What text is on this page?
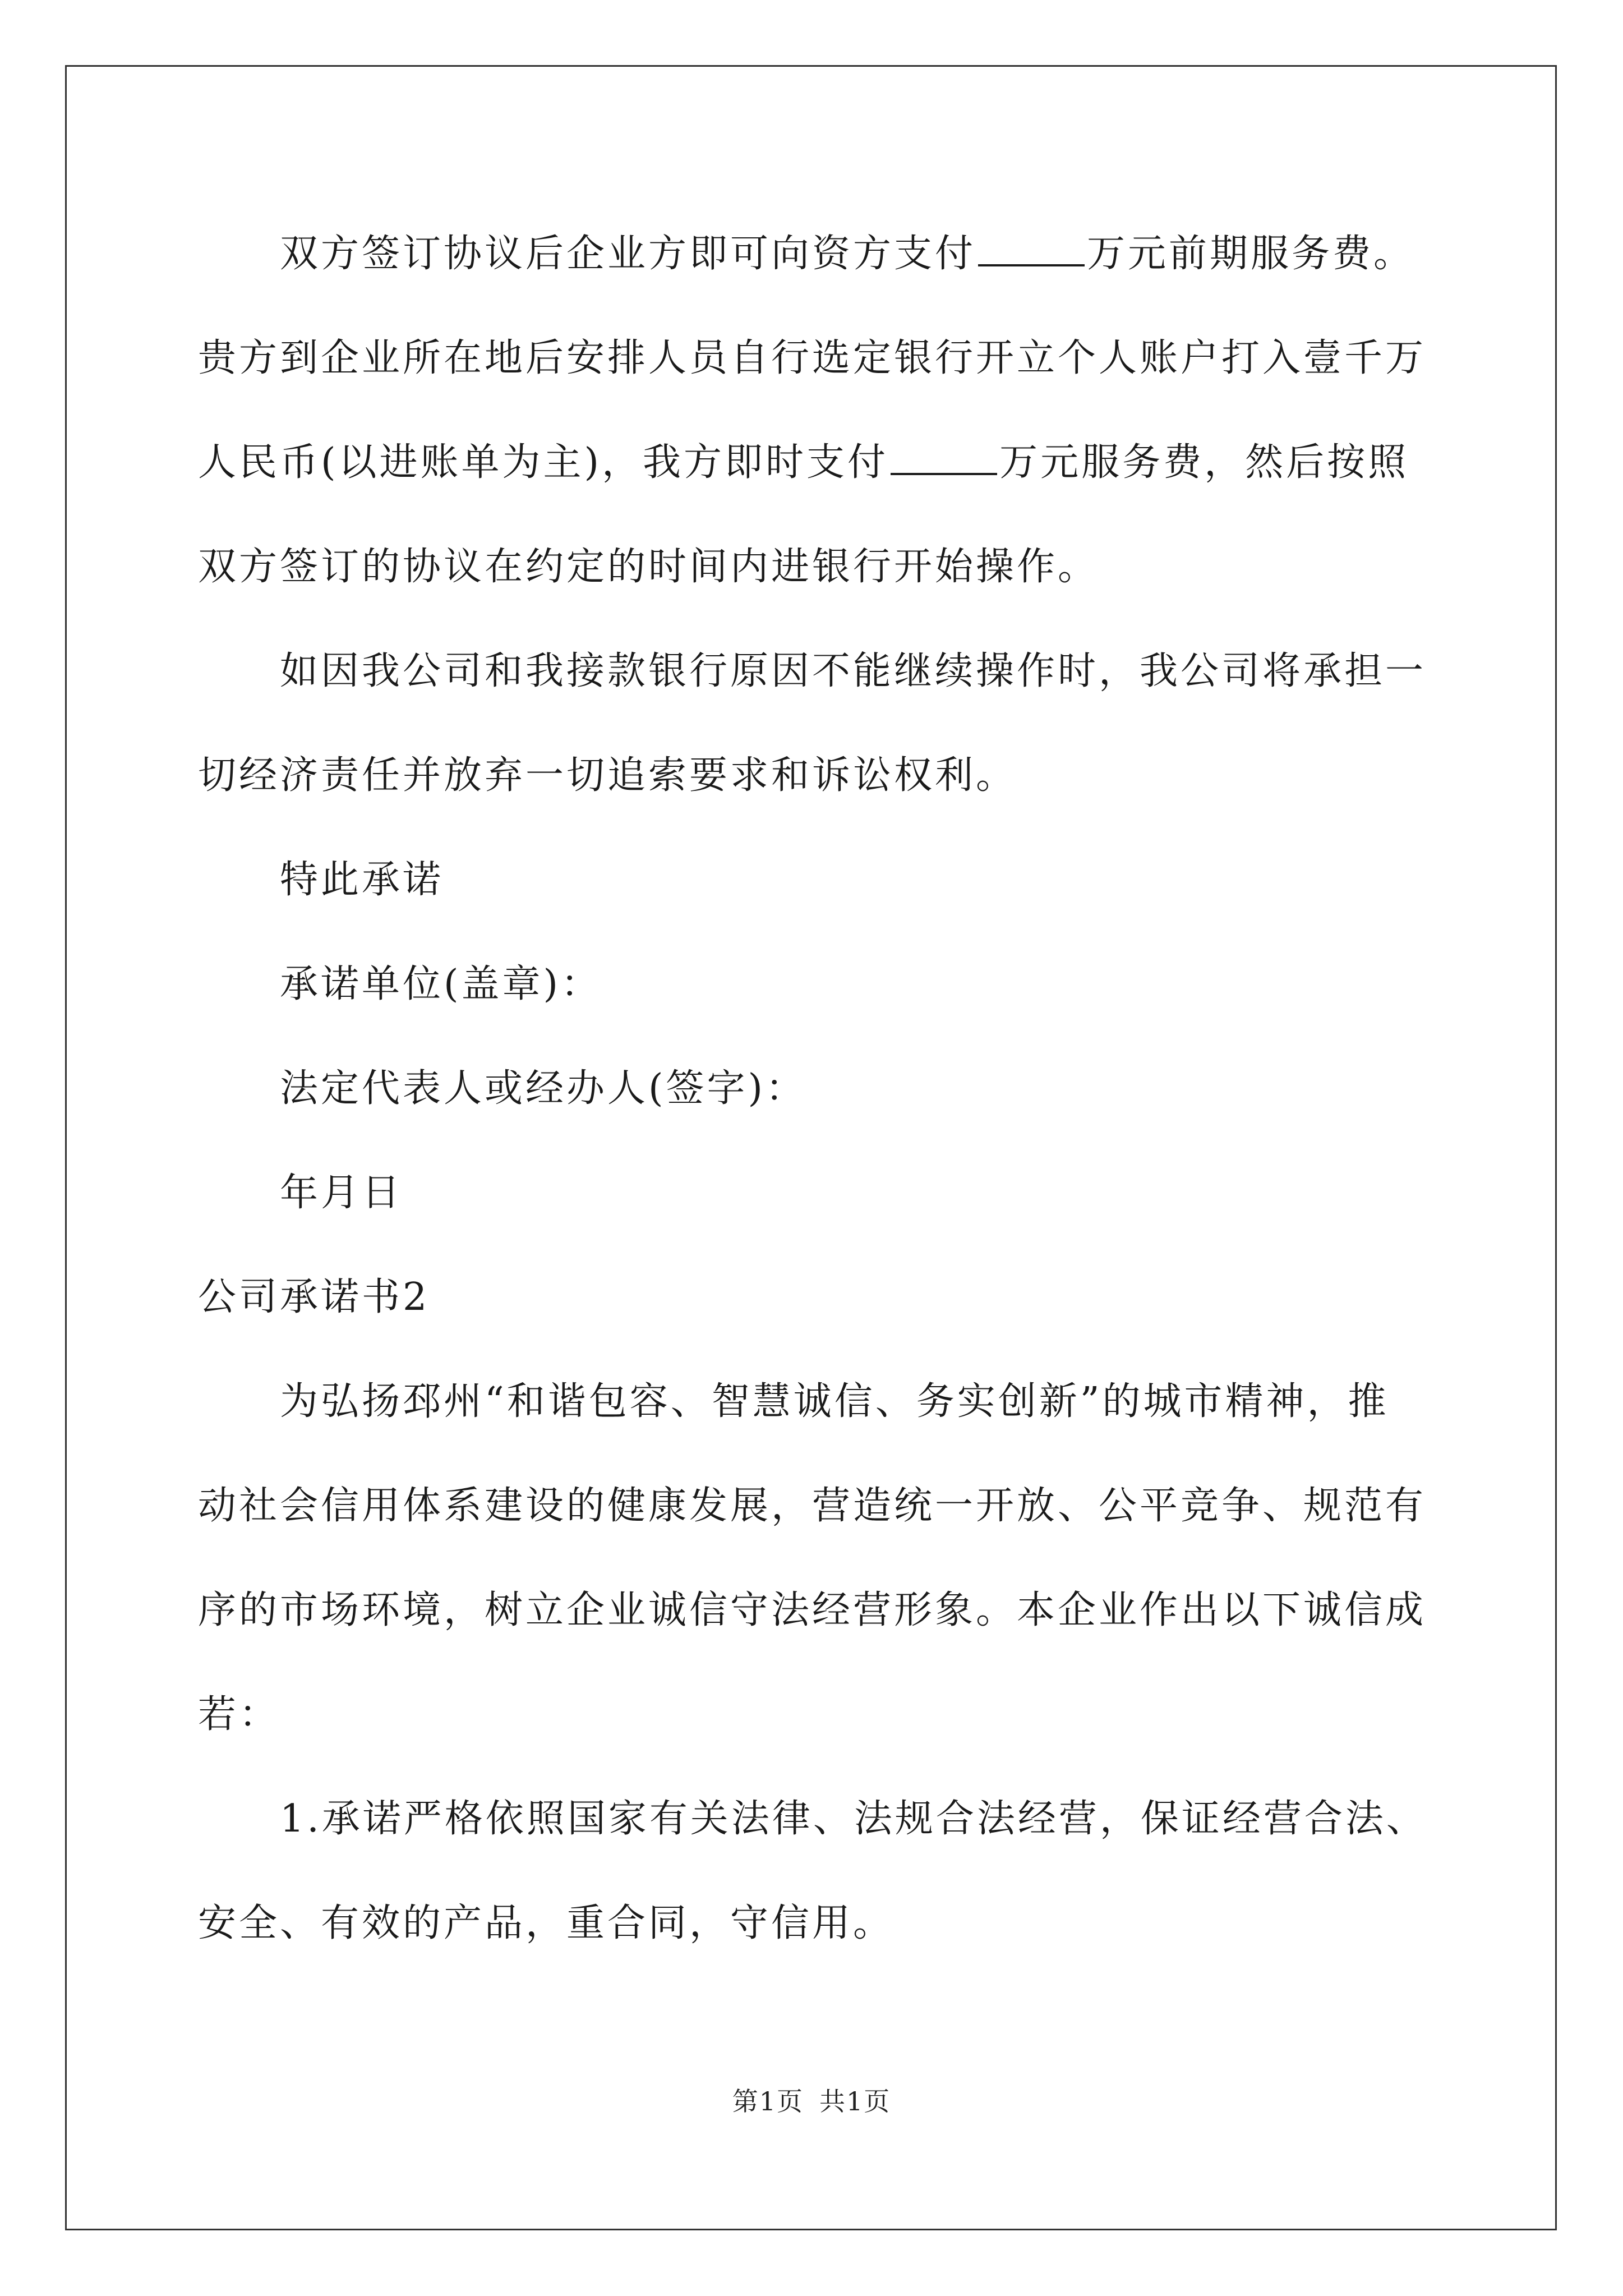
双方签订协议后企业方即可向资方支付	万元前期服务费。
贵方到企业所在地后安排人员自行选定银行开立个人账户打入壹千万
人民币(以进账单为主)，我方即时支付	万元服务费，然后按照
双方签订的协议在约定的时间内进银行开始操作。
如因我公司和我接款银行原因不能继续操作时，我公司将承担一
切经济责任并放弃一切追索要求和诉讼权利。
特此承诺
承诺单位(盖章)：
法定代表人或经办人(签字)：
年月日
公司承诺书2
为弘扬邳州“和谐包容、智慧诚信、务实创新”的城市精神，推
动社会信用体系建设的健康发展，营造统一开放、公平竞争、规范有
序的市场环境，树立企业诚信守法经营形象。本企业作出以下诚信成
若：
1.承诺严格依照国家有关法律、法规合法经营，保证经营合法、
安全、有效的产品，重合同，守信用。
第1页 共1页
